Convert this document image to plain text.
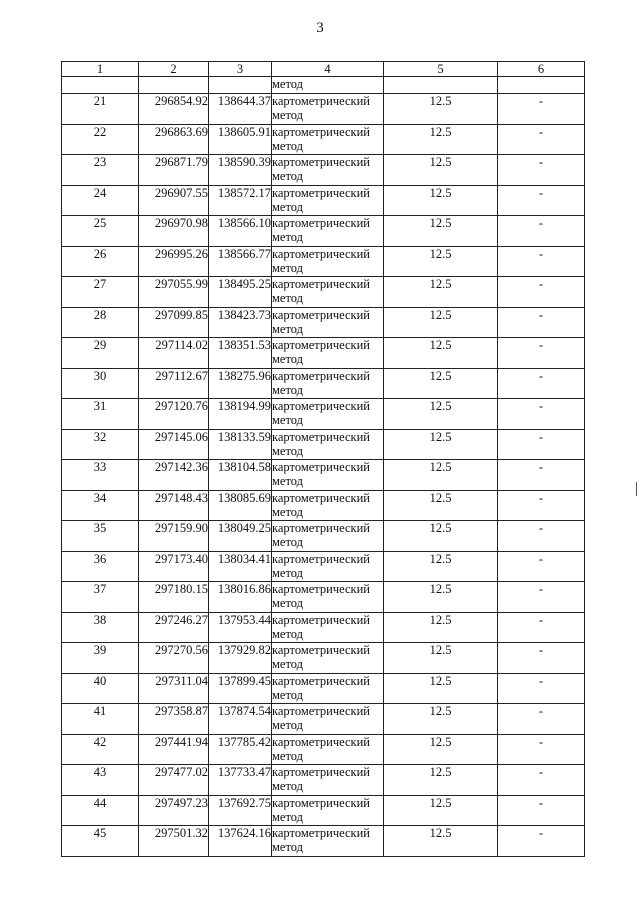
3
1	2	3	4	5	6
			метод		
21	296854.92	138644.37	картометрический метод	12.5	-
22	296863.69	138605.91	картометрический метод	12.5	-
23	296871.79	138590.39	картометрический метод	12.5	-
24	296907.55	138572.17	картометрический метод	12.5	-
25	296970.98	138566.10	картометрический метод	12.5	-
26	296995.26	138566.77	картометрический метод	12.5	-
27	297055.99	138495.25	картометрический метод	12.5	-
28	297099.85	138423.73	картометрический метод	12.5	-
29	297114.02	138351.53	картометрический метод	12.5	-
30	297112.67	138275.96	картометрический метод	12.5	-
31	297120.76	138194.99	картометрический метод	12.5	-
32	297145.06	138133.59	картометрический метод	12.5	-
33	297142.36	138104.58	картометрический метод	12.5	-
34	297148.43	138085.69	картометрический метод	12.5	-
35	297159.90	138049.25	картометрический метод	12.5	-
36	297173.40	138034.41	картометрический метод	12.5	-
37	297180.15	138016.86	картометрический метод	12.5	-
38	297246.27	137953.44	картометрический метод	12.5	-
39	297270.56	137929.82	картометрический метод	12.5	-
40	297311.04	137899.45	картометрический метод	12.5	-
41	297358.87	137874.54	картометрический метод	12.5	-
42	297441.94	137785.42	картометрический метод	12.5	-
43	297477.02	137733.47	картометрический метод	12.5	-
44	297497.23	137692.75	картометрический метод	12.5	-
45	297501.32	137624.16	картометрический метод	12.5	-
